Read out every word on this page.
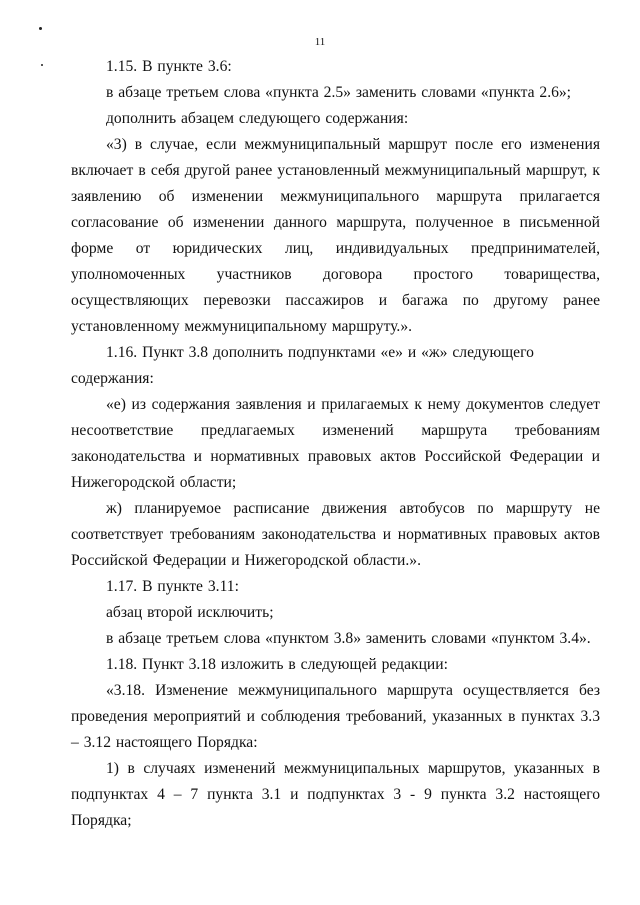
11

1.15. В пункте 3.6:

в абзаце третьем слова «пункта 2.5» заменить словами «пункта 2.6»;

дополнить абзацем следующего содержания:

«3) в случае, если межмуниципальный маршрут после его изменения включает в себя другой ранее установленный межмуниципальный маршрут, к заявлению об изменении межмуниципального маршрута прилагается согласование об изменении данного маршрута, полученное в письменной форме от юридических лиц, индивидуальных предпринимателей, уполномоченных участников договора простого товарищества, осуществляющих перевозки пассажиров и багажа по другому ранее установленному межмуниципальному маршруту.».

1.16. Пункт 3.8 дополнить подпунктами «е» и «ж» следующего содержания:

«е) из содержания заявления и прилагаемых к нему документов следует несоответствие предлагаемых изменений маршрута требованиям законодательства и нормативных правовых актов Российской Федерации и Нижегородской области;

ж) планируемое расписание движения автобусов по маршруту не соответствует требованиям законодательства и нормативных правовых актов Российской Федерации и Нижегородской области.».

1.17. В пункте 3.11:

абзац второй исключить;

в абзаце третьем слова «пунктом 3.8» заменить словами «пунктом 3.4».

1.18. Пункт 3.18 изложить в следующей редакции:

«3.18. Изменение межмуниципального маршрута осуществляется без проведения мероприятий и соблюдения требований, указанных в пунктах 3.3 – 3.12 настоящего Порядка:

1) в случаях изменений межмуниципальных маршрутов, указанных в подпунктах 4 – 7 пункта 3.1 и подпунктах 3 - 9 пункта 3.2 настоящего Порядка;
